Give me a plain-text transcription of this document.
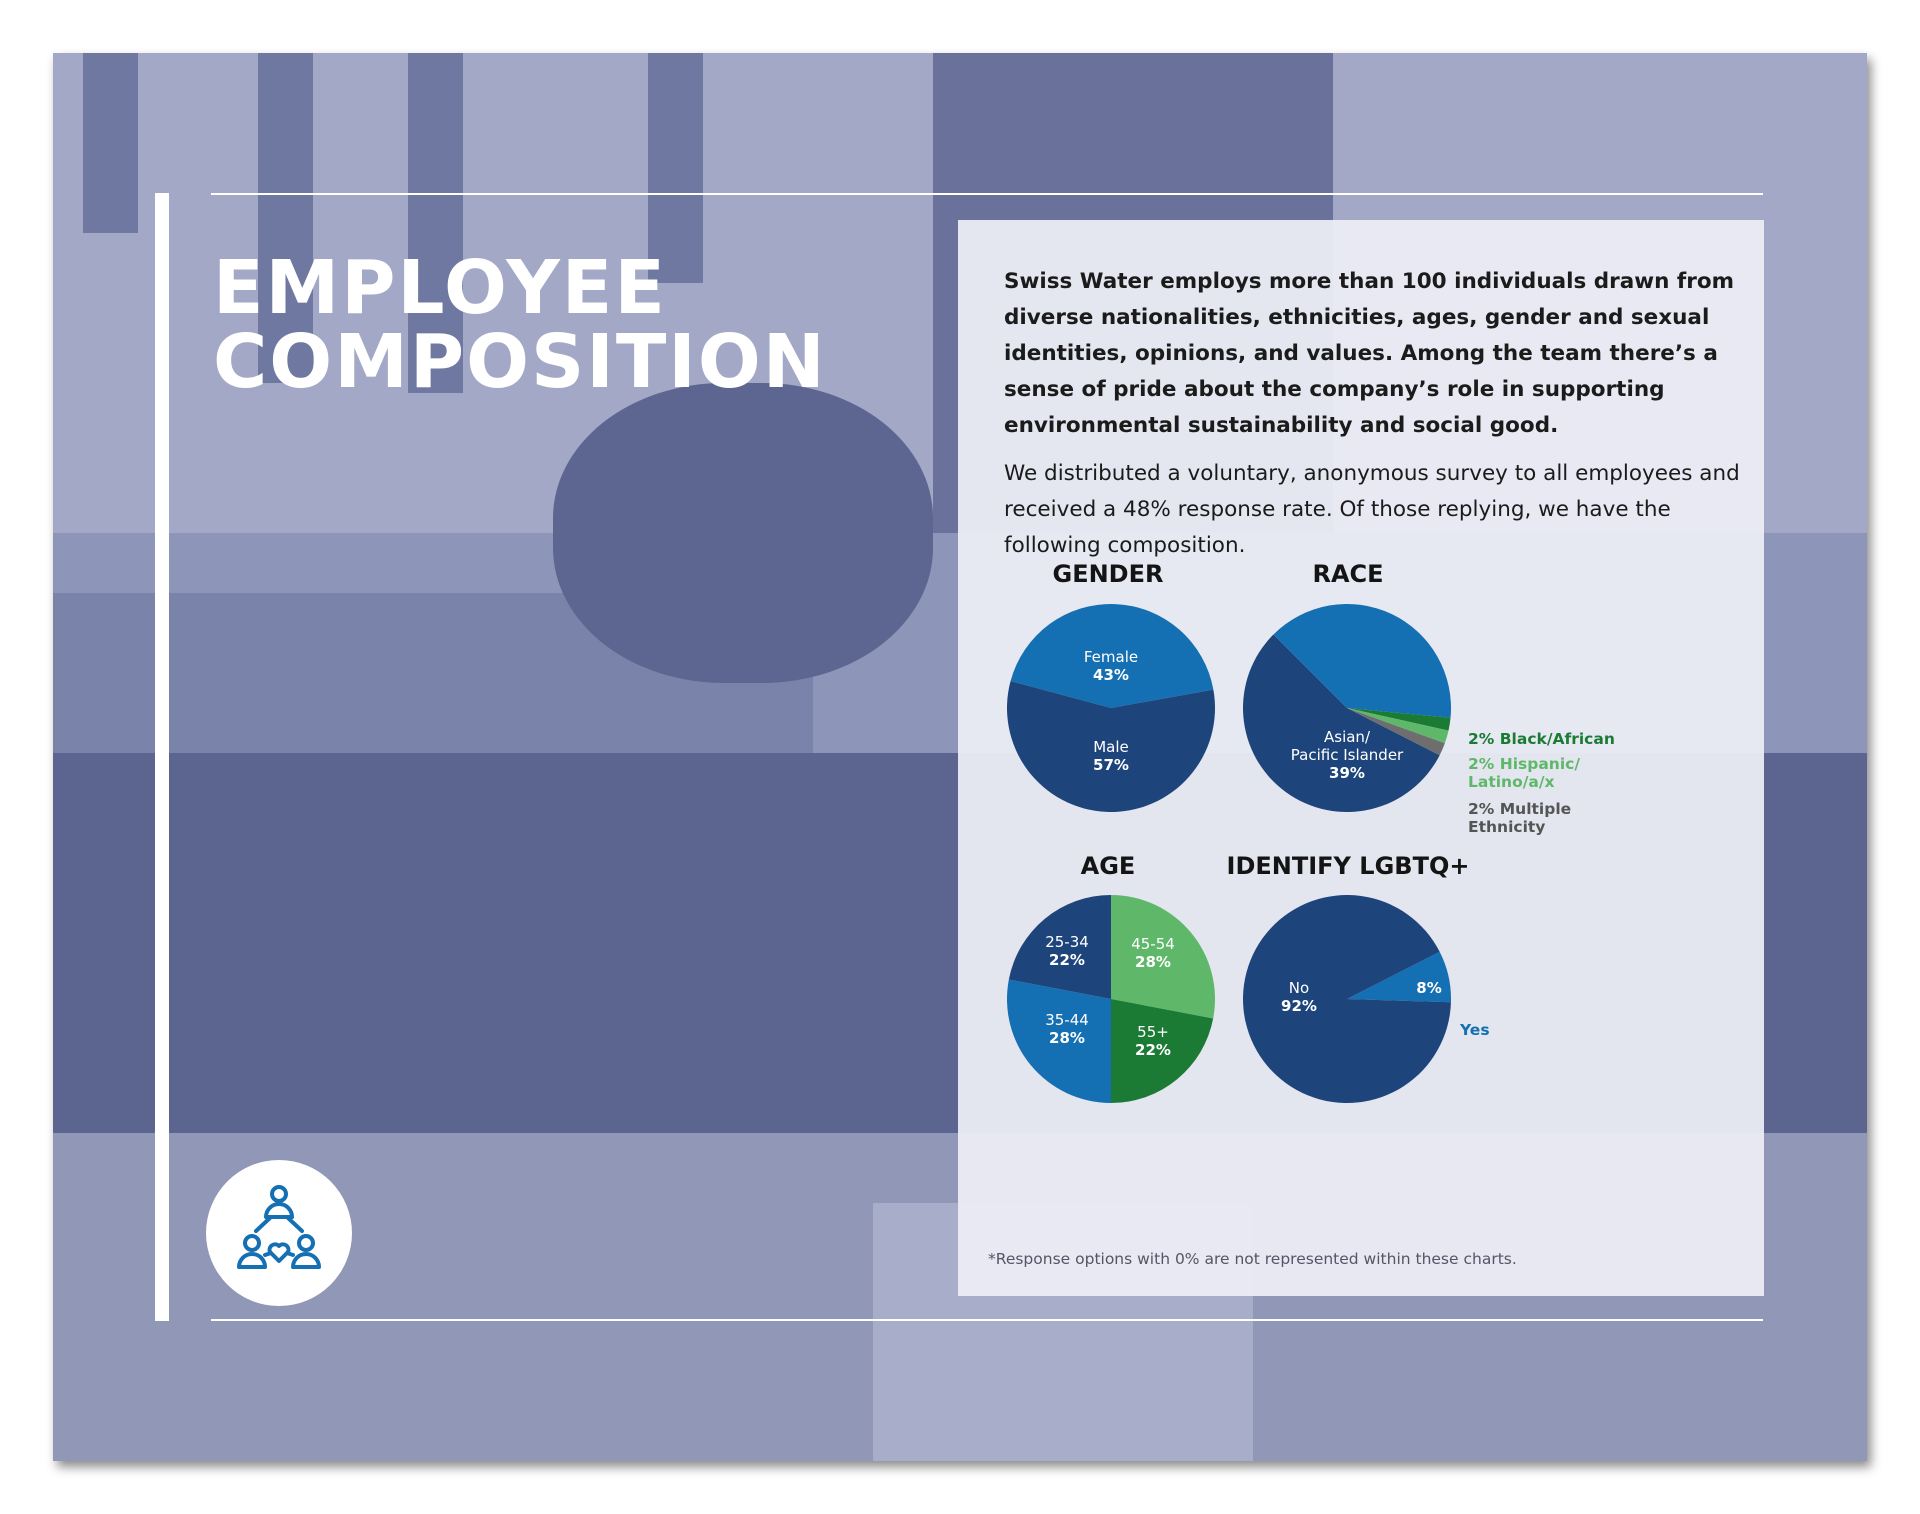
EMPLOYEE
COMPOSITION
Swiss Water employs more than 100 individuals drawn from diverse nationalities, ethnicities, ages, gender and sexual identities, opinions, and values. Among the team there’s a sense of pride about the company’s role in supporting environmental sustainability and social good.
We distributed a voluntary, anonymous survey to all employees and received a 48% response rate. Of those replying, we have the following composition.
GENDER	RACE
AGE	IDENTIFY LGBTQ+
Female 43%
Male 57%
Asian/ Pacific Islander 39%
45-54 28%
55+ 22%
35-44 28%
25-34 22%
8%
No 92%
2% Black/African
2% Hispanic/ Latino/a/x
2% Multiple Ethnicity
Yes
*Response options with 0% are not represented within these charts.
